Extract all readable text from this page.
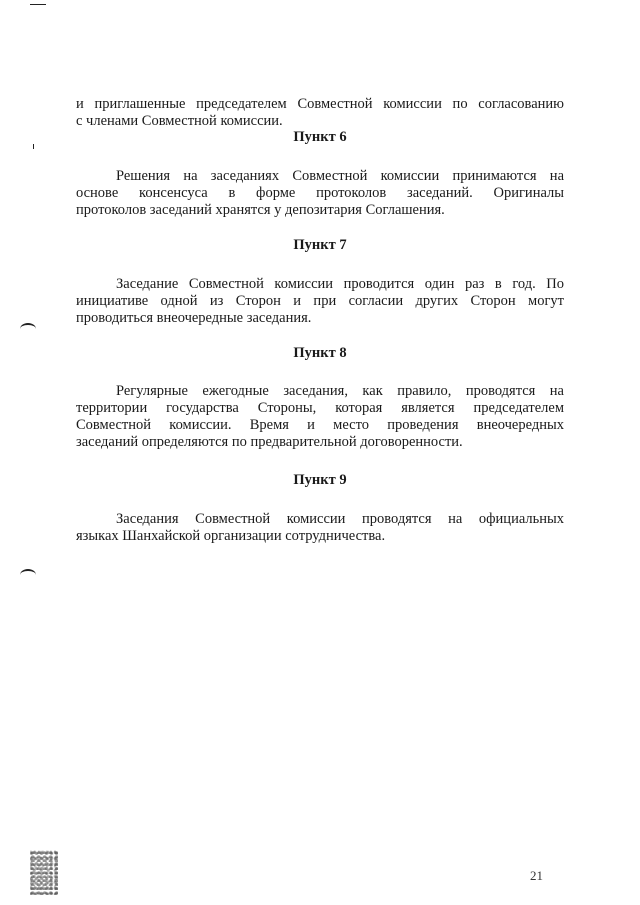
и приглашенные председателем Совместной комиссии по согласованию
с членами Совместной комиссии.
Пункт 6
Решения на заседаниях Совместной комиссии принимаются на
основе консенсуса в форме протоколов заседаний. Оригиналы
протоколов заседаний хранятся у депозитария Соглашения.
Пункт 7
Заседание Совместной комиссии проводится один раз в год. По
инициативе одной из Сторон и при согласии других Сторон могут
проводиться внеочередные заседания.
Пункт 8
Регулярные ежегодные заседания, как правило, проводятся на
территории государства Стороны, которая является председателем
Совместной комиссии. Время и место проведения внеочередных
заседаний определяются по предварительной договоренности.
Пункт 9
Заседания Совместной комиссии проводятся на официальных
языках Шанхайской организации сотрудничества.
21
